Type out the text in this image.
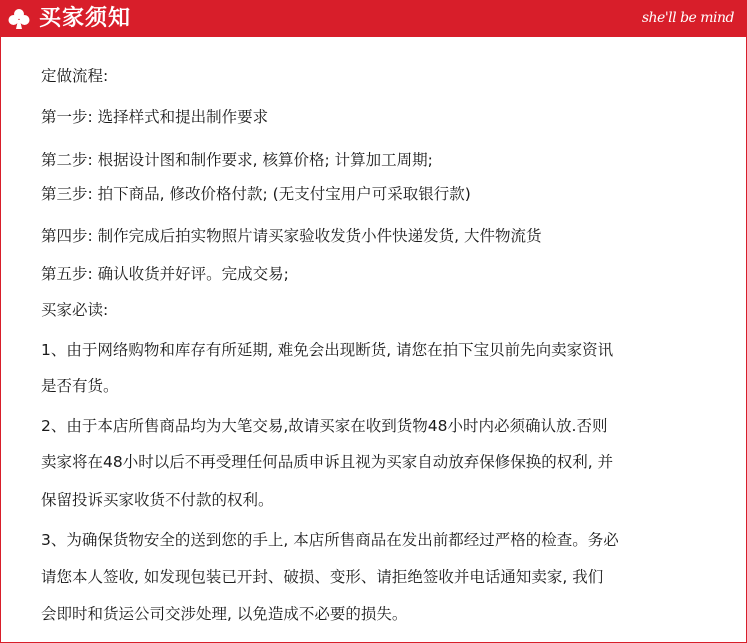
买家须知	she'll be mind
定做流程:
第一步: 选择样式和提出制作要求
第二步: 根据设计图和制作要求, 核算价格; 计算加工周期;
第三步: 拍下商品, 修改价格付款; (无支付宝用户可采取银行款)
第四步: 制作完成后拍实物照片请买家验收发货小件快递发货, 大件物流货
第五步: 确认收货并好评。完成交易;
买家必读:
1、由于网络购物和库存有所延期, 难免会出现断货, 请您在拍下宝贝前先向卖家资讯
是否有货。
2、由于本店所售商品均为大笔交易,故请买家在收到货物48小时内必须确认放.否则
卖家将在48小时以后不再受理任何品质申诉且视为买家自动放弃保修保换的权利, 并
保留投诉买家收货不付款的权利。
3、为确保货物安全的送到您的手上, 本店所售商品在发出前都经过严格的检查。务必
请您本人签收, 如发现包装已开封、破损、变形、请拒绝签收并电话通知卖家, 我们
会即时和货运公司交涉处理, 以免造成不必要的损失。
